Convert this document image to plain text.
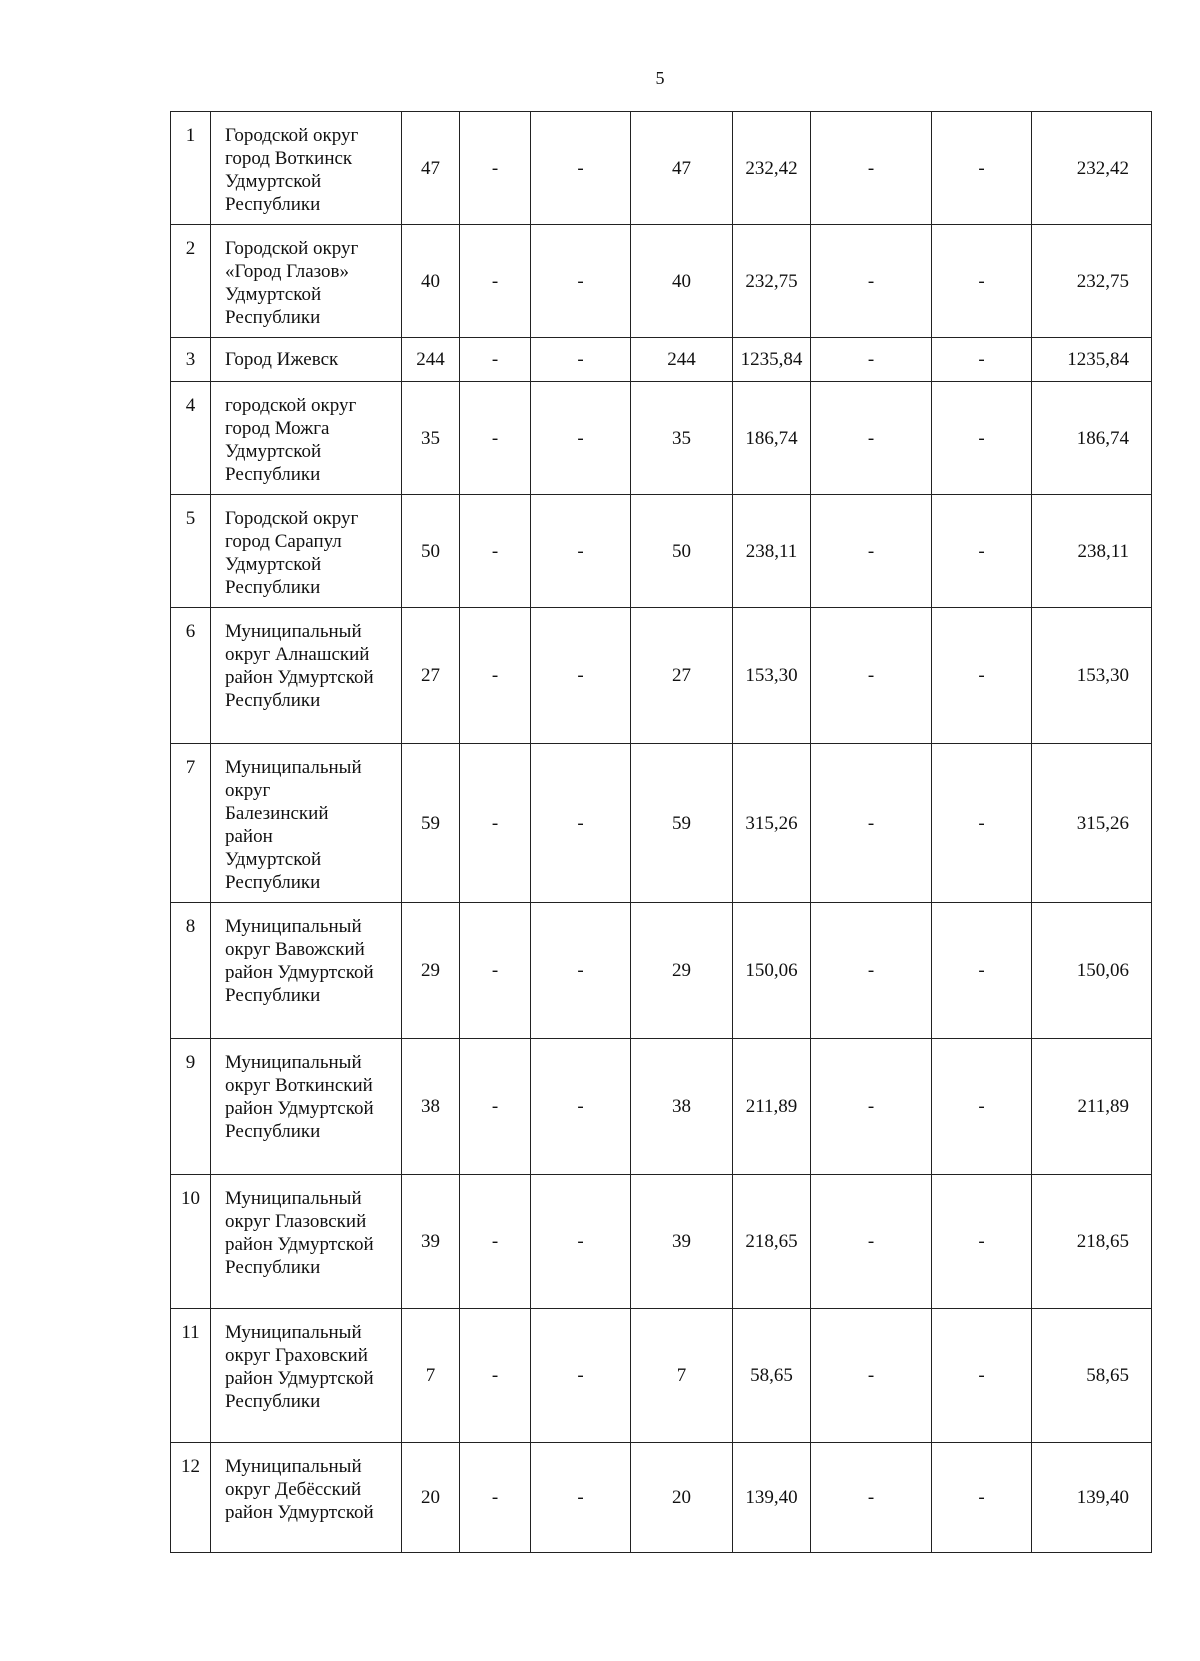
5
1	Городской округ город Воткинск Удмуртской Республики	47	-	-	47	232,42	-	-	232,42
2	Городской округ «Город Глазов» Удмуртской Республики	40	-	-	40	232,75	-	-	232,75
3	Город Ижевск	244	-	-	244	1235,84	-	-	1235,84
4	городской округ город Можга Удмуртской Республики	35	-	-	35	186,74	-	-	186,74
5	Городской округ город Сарапул Удмуртской Республики	50	-	-	50	238,11	-	-	238,11
6	Муниципальный округ Алнашский район Удмуртской Республики	27	-	-	27	153,30	-	-	153,30
7	Муниципальный округ Балезинский район Удмуртской Республики	59	-	-	59	315,26	-	-	315,26
8	Муниципальный округ Вавожский район Удмуртской Республики	29	-	-	29	150,06	-	-	150,06
9	Муниципальный округ Воткинский район Удмуртской Республики	38	-	-	38	211,89	-	-	211,89
10	Муниципальный округ Глазовский район Удмуртской Республики	39	-	-	39	218,65	-	-	218,65
11	Муниципальный округ Граховский район Удмуртской Республики	7	-	-	7	58,65	-	-	58,65
12	Муниципальный округ Дебёсский район Удмуртской	20	-	-	20	139,40	-	-	139,40
